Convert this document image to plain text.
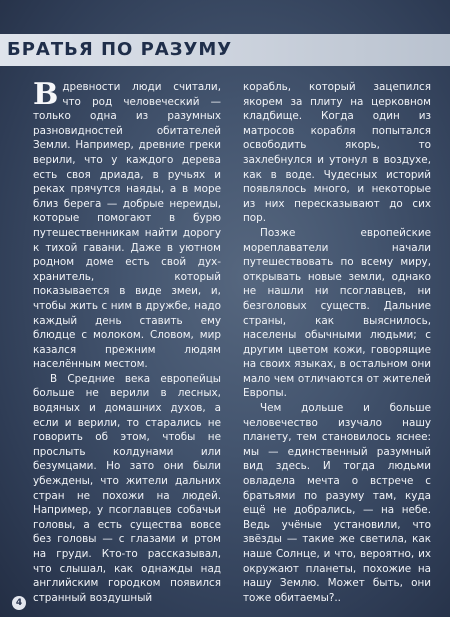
БРАТЬЯ ПО РАЗУМУ

Вдревности люди считали, что род человеческий — только одна из разумных разновидностей обитателей Земли. Например, древние греки верили, что у каждого дерева есть своя дриада, в ручьях и реках прячутся наяды, а в море близ берега — добрые нереиды, которые помогают в бурю путешественникам найти дорогу к тихой гавани. Даже в уютном родном доме есть свой дух-хранитель, который показывается в виде змеи, и, чтобы жить с ним в дружбе, надо каждый день ставить ему блюдце с молоком. Словом, мир казался прежним людям населённым местом.

В Средние века европейцы больше не верили в лесных, водяных и домашних духов, а если и верили, то старались не говорить об этом, чтобы не прослыть колдунами или безумцами. Но зато они были убеждены, что жители дальних стран не похожи на людей. Например, у псоглавцев собачьи головы, а есть существа вовсе без головы — с глазами и ртом на груди. Кто-то рассказывал, что слышал, как однажды над английским городком появился странный воздушный

корабль, который зацепился якорем за плиту на церковном кладбище. Когда один из матросов корабля попытался освободить якорь, то захлебнулся и утонул в воздухе, как в воде. Чудесных историй появлялось много, и некоторые из них пересказывают до сих пор.

Позже европейские мореплаватели начали путешествовать по всему миру, открывать новые земли, однако не нашли ни псоглавцев, ни безголовых существ. Дальние страны, как выяснилось, населены обычными людьми; с другим цветом кожи, говорящие на своих языках, в остальном они мало чем отличаются от жителей Европы.

Чем дольше и больше человечество изучало нашу планету, тем становилось яснее: мы — единственный разумный вид здесь. И тогда людьми овладела мечта о встрече с братьями по разуму там, куда ещё не добрались, — на небе. Ведь учёные установили, что звёзды — такие же светила, как наше Солнце, и что, вероятно, их окружают планеты, похожие на нашу Землю. Может быть, они тоже обитаемы?..

4
